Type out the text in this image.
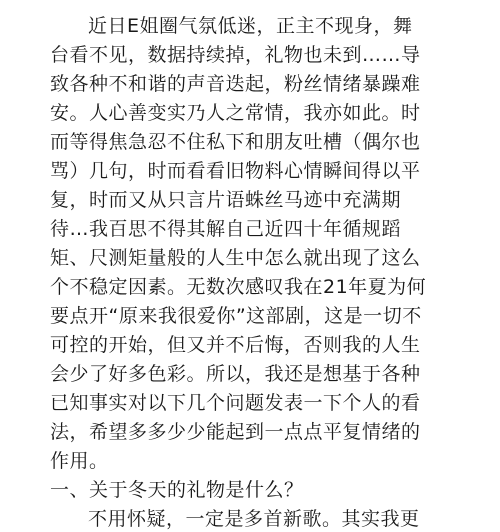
近日E姐圈气氛低迷，正主不现身，舞
台看不见，数据持续掉，礼物也未到……导
致各种不和谐的声音迭起，粉丝情绪暴躁难
安。人心善变实乃人之常情，我亦如此。时
而等得焦急忍不住私下和朋友吐槽（偶尔也
骂）几句，时而看看旧物料心情瞬间得以平
复，时而又从只言片语蛛丝马迹中充满期
待…我百思不得其解自己近四十年循规蹈
矩、尺测矩量般的人生中怎么就出现了这么
个不稳定因素。无数次感叹我在21年夏为何
要点开“原来我很爱你”这部剧，这是一切不
可控的开始，但又并不后悔，否则我的人生
会少了好多色彩。所以，我还是想基于各种
已知事实对以下几个问题发表一下个人的看
法，希望多多少少能起到一点点平复情绪的
作用。
一、关于冬天的礼物是什么？
不用怀疑，一定是多首新歌。其实我更
